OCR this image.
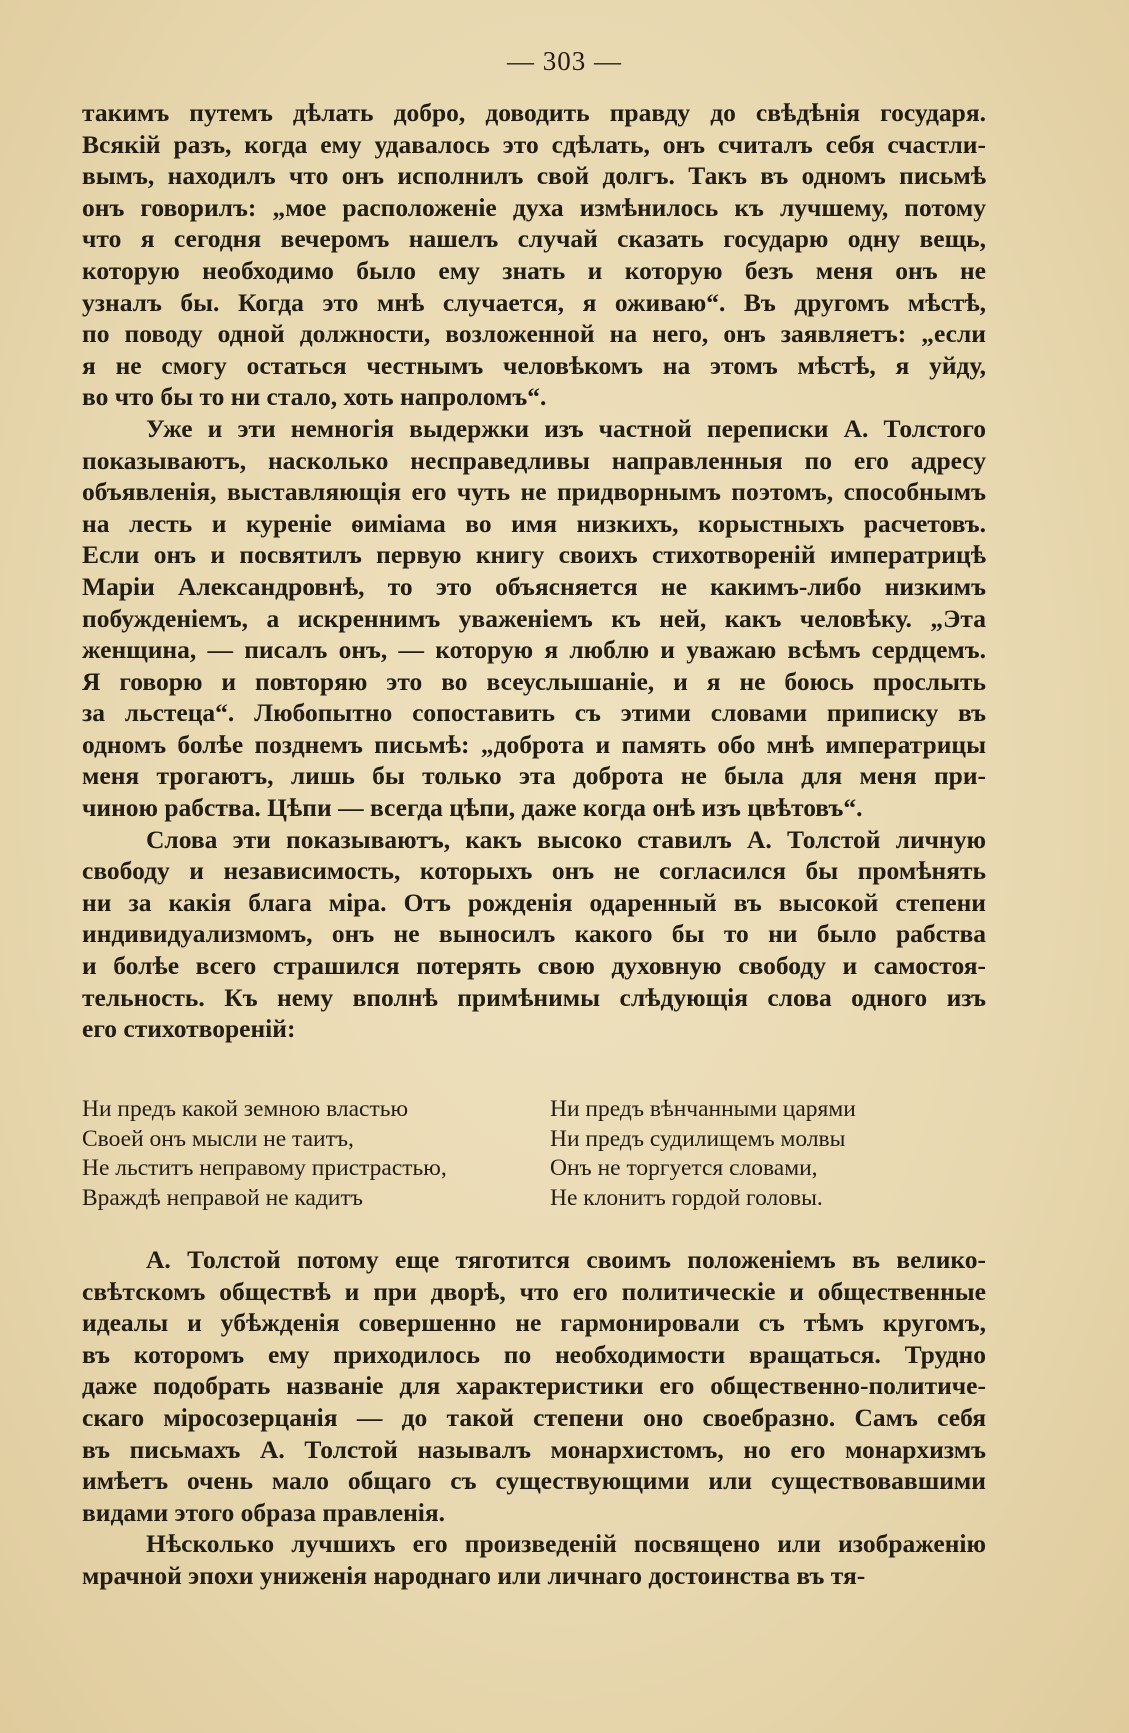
— 303 —
такимъ путемъ дѣлать добро, доводить правду до свѣдѣнія государя.
Всякій разъ, когда ему удавалось это сдѣлать, онъ считалъ себя счастли-
вымъ, находилъ что онъ исполнилъ свой долгъ. Такъ въ одномъ письмѣ
онъ говорилъ: „мое расположеніе духа измѣнилось къ лучшему, потому
что я сегодня вечеромъ нашелъ случай сказать государю одну вещь,
которую необходимо было ему знать и которую безъ меня онъ не
узналъ бы. Когда это мнѣ случается, я оживаю“. Въ другомъ мѣстѣ,
по поводу одной должности, возложенной на него, онъ заявляетъ: „если
я не смогу остаться честнымъ человѣкомъ на этомъ мѣстѣ, я уйду,
во что бы то ни стало, хоть напроломъ“.
Уже и эти немногія выдержки изъ частной переписки А. Толстого
показываютъ, насколько несправедливы направленныя по его адресу
объявленія, выставляющія его чуть не придворнымъ поэтомъ, способнымъ
на лесть и куреніе ѳиміама во имя низкихъ, корыстныхъ расчетовъ.
Если онъ и посвятилъ первую книгу своихъ стихотвореній императрицѣ
Маріи Александровнѣ, то это объясняется не какимъ-либо низкимъ
побужденіемъ, а искреннимъ уваженіемъ къ ней, какъ человѣку. „Эта
женщина, — писалъ онъ, — которую я люблю и уважаю всѣмъ сердцемъ.
Я говорю и повторяю это во всеуслышаніе, и я не боюсь прослыть
за льстеца“. Любопытно сопоставить съ этими словами приписку въ
одномъ болѣе позднемъ письмѣ: „доброта и память обо мнѣ императрицы
меня трогаютъ, лишь бы только эта доброта не была для меня при-
чиною рабства. Цѣпи — всегда цѣпи, даже когда онѣ изъ цвѣтовъ“.
Слова эти показываютъ, какъ высоко ставилъ А. Толстой личную
свободу и независимость, которыхъ онъ не согласился бы промѣнять
ни за какія блага міра. Отъ рожденія одаренный въ высокой степени
индивидуализмомъ, онъ не выносилъ какого бы то ни было рабства
и болѣе всего страшился потерять свою духовную свободу и самостоя-
тельность. Къ нему вполнѣ примѣнимы слѣдующія слова одного изъ
его стихотвореній:
Ни предъ какой земною властью
Своей онъ мысли не таитъ,
Не льститъ неправому пристрастью,
Враждѣ неправой не кадитъ
Ни предъ вѣнчанными царями
Ни предъ судилищемъ молвы
Онъ не торгуется словами,
Не клонитъ гордой головы.
А. Толстой потому еще тяготится своимъ положеніемъ въ велико-
свѣтскомъ обществѣ и при дворѣ, что его политическіе и общественные
идеалы и убѣжденія совершенно не гармонировали съ тѣмъ кругомъ,
въ которомъ ему приходилось по необходимости вращаться. Трудно
даже подобрать названіе для характеристики его общественно-политиче-
скаго міросозерцанія — до такой степени оно своебразно. Самъ себя
въ письмахъ А. Толстой называлъ монархистомъ, но его монархизмъ
имѣетъ очень мало общаго съ существующими или существовавшими
видами этого образа правленія.
Нѣсколько лучшихъ его произведеній посвящено или изображенію
мрачной эпохи униженія народнаго или личнаго достоинства въ тя-
